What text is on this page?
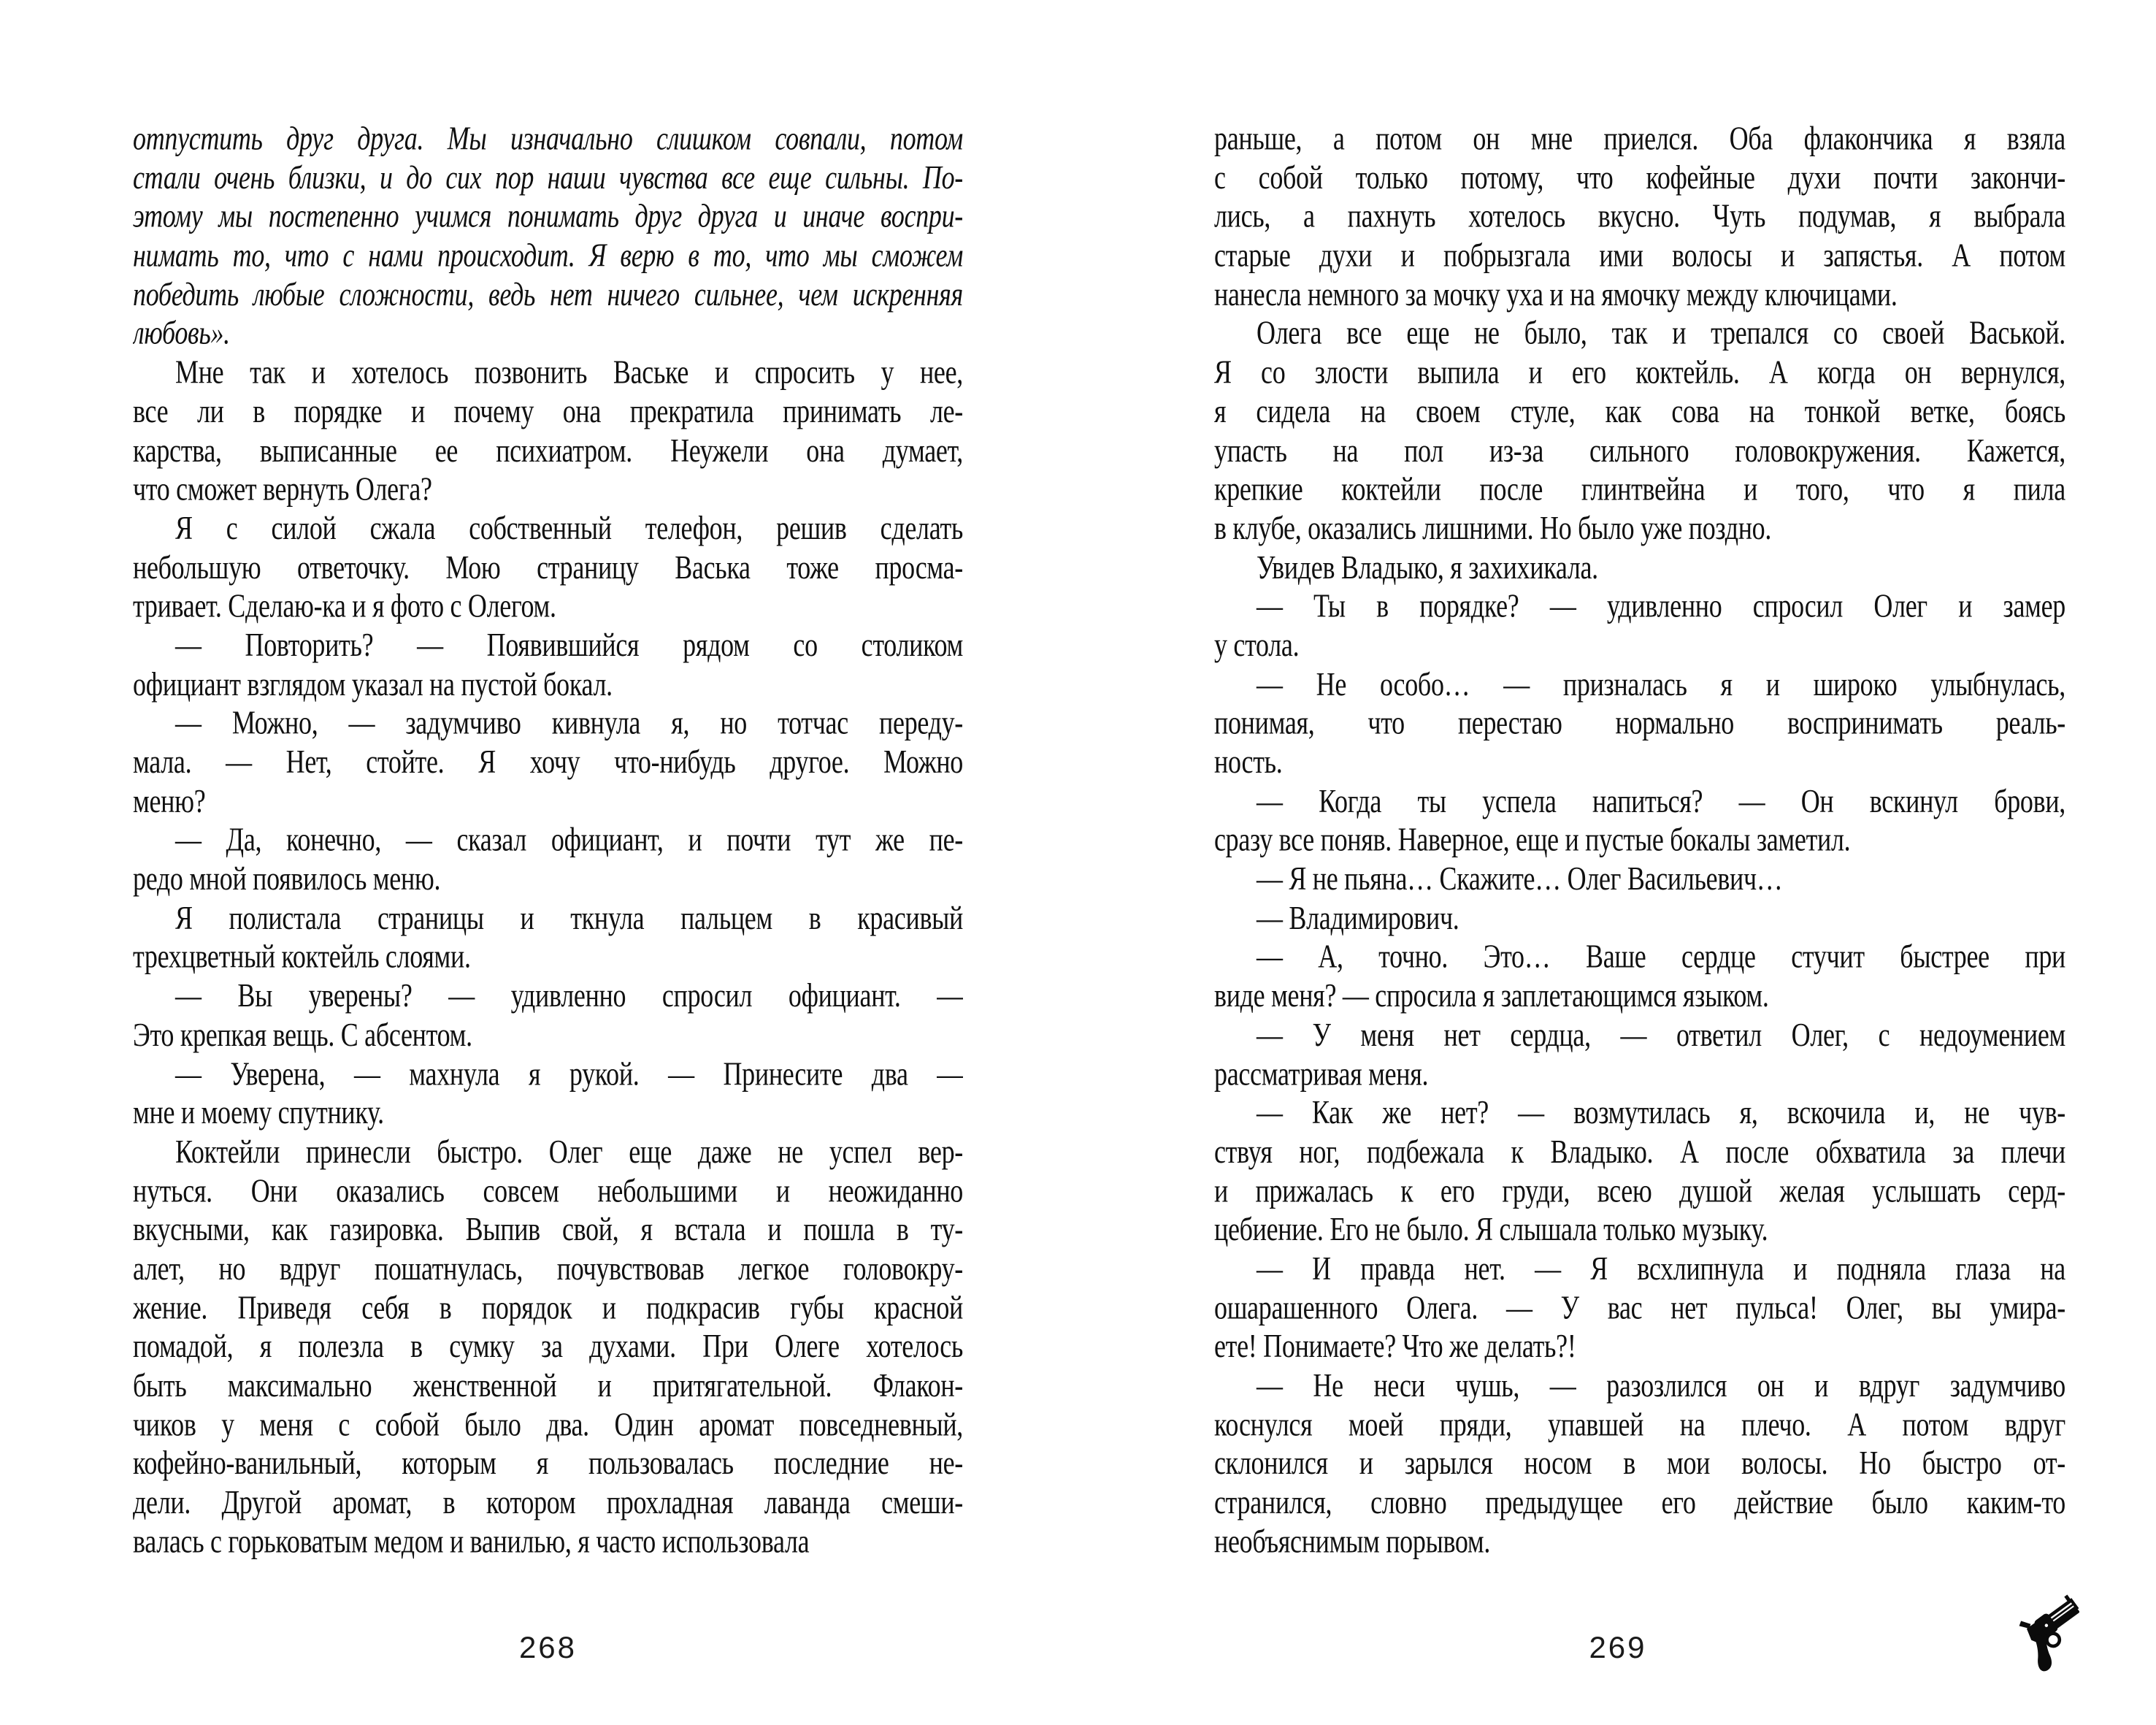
отпустить друг друга. Мы изначально слишком совпали, потом
стали очень близки, и до сих пор наши чувства все еще сильны. По-
этому мы постепенно учимся понимать друг друга и иначе воспри-
нимать то, что с нами происходит. Я верю в то, что мы сможем
победить любые сложности, ведь нет ничего сильнее, чем искренняя
любовь».
Мне так и хотелось позвонить Ваське и спросить у нее,
все ли в порядке и почему она прекратила принимать ле-
карства, выписанные ее психиатром. Неужели она думает,
что сможет вернуть Олега?
Я с силой сжала собственный телефон, решив сделать
небольшую ответочку. Мою страницу Васька тоже просма-
тривает. Сделаю-ка и я фото с Олегом.
— Повторить? — Появившийся рядом со столиком
официант взглядом указал на пустой бокал.
— Можно, — задумчиво кивнула я, но тотчас переду-
мала. — Нет, стойте. Я хочу что-нибудь другое. Можно
меню?
— Да, конечно, — сказал официант, и почти тут же пе-
редо мной появилось меню.
Я полистала страницы и ткнула пальцем в красивый
трехцветный коктейль слоями.
— Вы уверены? — удивленно спросил официант. —
Это крепкая вещь. С абсентом.
— Уверена, — махнула я рукой. — Принесите два —
мне и моему спутнику.
Коктейли принесли быстро. Олег еще даже не успел вер-
нуться. Они оказались совсем небольшими и неожиданно
вкусными, как газировка. Выпив свой, я встала и пошла в ту-
алет, но вдруг пошатнулась, почувствовав легкое головокру-
жение. Приведя себя в порядок и подкрасив губы красной
помадой, я полезла в сумку за духами. При Олеге хотелось
быть максимально женственной и притягательной. Флакон-
чиков у меня с собой было два. Один аромат повседневный,
кофейно-ванильный, которым я пользовалась последние не-
дели. Другой аромат, в котором прохладная лаванда смеши-
валась с горьковатым медом и ванилью, я часто использовала
раньше, а потом он мне приелся. Оба флакончика я взяла
с собой только потому, что кофейные духи почти закончи-
лись, а пахнуть хотелось вкусно. Чуть подумав, я выбрала
старые духи и побрызгала ими волосы и запястья. А потом
нанесла немного за мочку уха и на ямочку между ключицами.
Олега все еще не было, так и трепался со своей Васькой.
Я со злости выпила и его коктейль. А когда он вернулся,
я сидела на своем стуле, как сова на тонкой ветке, боясь
упасть на пол из-за сильного головокружения. Кажется,
крепкие коктейли после глинтвейна и того, что я пила
в клубе, оказались лишними. Но было уже поздно.
Увидев Владыко, я захихикала.
— Ты в порядке? — удивленно спросил Олег и замер
у стола.
— Не особо… — призналась я и широко улыбнулась,
понимая, что перестаю нормально воспринимать реаль-
ность.
— Когда ты успела напиться? — Он вскинул брови,
сразу все поняв. Наверное, еще и пустые бокалы заметил.
— Я не пьяна… Скажите… Олег Васильевич…
— Владимирович.
— А, точно. Это… Ваше сердце стучит быстрее при
виде меня? — спросила я заплетающимся языком.
— У меня нет сердца, — ответил Олег, с недоумением
рассматривая меня.
— Как же нет? — возмутилась я, вскочила и, не чув-
ствуя ног, подбежала к Владыко. А после обхватила за плечи
и прижалась к его груди, всею душой желая услышать серд-
цебиение. Его не было. Я слышала только музыку.
— И правда нет. — Я всхлипнула и подняла глаза на
ошарашенного Олега. — У вас нет пульса! Олег, вы умира-
ете! Понимаете? Что же делать?!
— Не неси чушь, — разозлился он и вдруг задумчиво
коснулся моей пряди, упавшей на плечо. А потом вдруг
склонился и зарылся носом в мои волосы. Но быстро от-
странился, словно предыдущее его действие было каким-то
необъяснимым порывом.
268	269
